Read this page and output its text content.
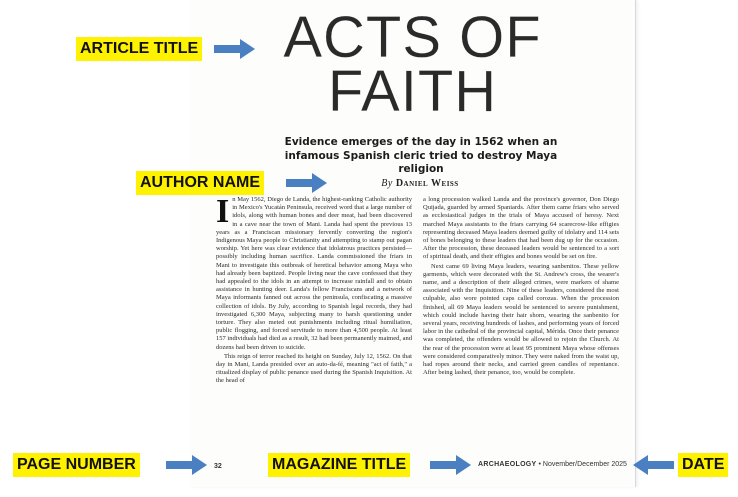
ACTS OF
FAITH
Evidence emerges of the day in 1562 when an infamous Spanish cleric tried to destroy Maya religion
By Daniel Weiss

In May 1562, Diego de Landa, the highest-ranking Catholic authority in Mexico's Yucatán Peninsula, received word that a large number of idols, along with human bones and deer meat, had been discovered in a cave near the town of Mani. Landa had spent the previous 13 years as a Franciscan missionary fervently converting the region's Indigenous Maya people to Christianity and attempting to stamp out pagan worship. Yet here was clear evidence that idolatrous practices persisted—possibly including human sacrifice. Landa commissioned the friars in Mani to investigate this outbreak of heretical behavior among Maya who had already been baptized. People living near the cave confessed that they had appealed to the idols in an attempt to increase rainfall and to obtain assistance in hunting deer. Landa's fellow Franciscans and a network of Maya informants fanned out across the peninsula, confiscating a massive collection of idols. By July, according to Spanish legal records, they had investigated 6,300 Maya, subjecting many to harsh questioning under torture. They also meted out punishments including ritual humiliation, public flogging, and forced servitude to more than 4,500 people. At least 157 individuals had died as a result, 32 had been permanently maimed, and dozens had been driven to suicide.

This reign of terror reached its height on Sunday, July 12, 1562. On that day in Mani, Landa presided over an auto-da-fé, meaning "act of faith," a ritualized display of public penance used during the Spanish Inquisition. At the head of

a long procession walked Landa and the province's governor, Don Diego Quijada, guarded by armed Spaniards. After them came friars who served as ecclesiastical judges in the trials of Maya accused of heresy. Next marched Maya assistants to the friars carrying 64 scarecrow-like effigies representing deceased Maya leaders deemed guilty of idolatry and 114 sets of bones belonging to these leaders that had been dug up for the occasion. After the procession, these deceased leaders would be sentenced to a sort of spiritual death, and their effigies and bones would be set on fire.

Next came 69 living Maya leaders, wearing sanbenitos. These yellow garments, which were decorated with the St. Andrew's cross, the wearer's name, and a description of their alleged crimes, were markers of shame associated with the Inquisition. Nine of these leaders, considered the most culpable, also wore pointed caps called corozas. When the procession finished, all 69 Maya leaders would be sentenced to severe punishment, which could include having their hair shorn, wearing the sanbenito for several years, receiving hundreds of lashes, and performing years of forced labor in the cathedral of the provincial capital, Mérida. Once their penance was completed, the offenders would be allowed to rejoin the Church. At the rear of the procession were at least 95 prominent Maya whose offenses were considered comparatively minor. They were naked from the waist up, had ropes around their necks, and carried green candles of repentance. After being lashed, their penance, too, would be complete.

32	ARCHAEOLOGY • November/December 2025
ARTICLE TITLE
AUTHOR NAME
PAGE NUMBER	MAGAZINE TITLE	DATE
